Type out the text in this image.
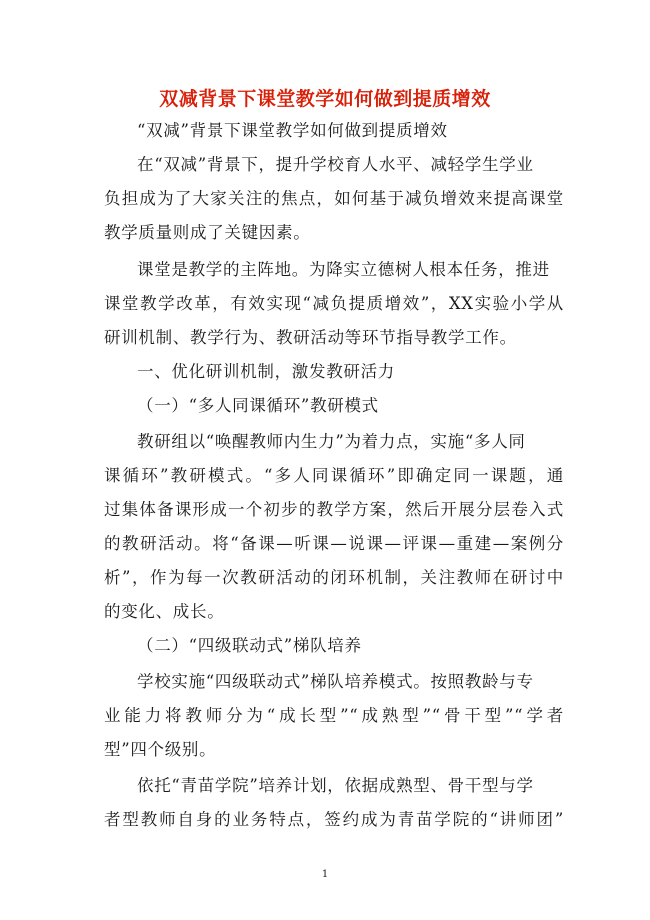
双减背景下课堂教学如何做到提质增效
“双减”背景下课堂教学如何做到提质增效
在“双减”背景下，提升学校育人水平、减轻学生学业
负担成为了大家关注的焦点，如何基于减负增效来提高课堂
教学质量则成了关键因素。
课堂是教学的主阵地。为降实立德树人根本任务，推进
课堂教学改革，有效实现“减负提质增效”，XX实验小学从
研训机制、教学行为、教研活动等环节指导教学工作。
一、优化研训机制，激发教研活力
（一）“多人同课循环”教研模式
教研组以“唤醒教师内生力”为着力点，实施“多人同
课循环”教研模式。“多人同课循环”即确定同一课题，通
过集体备课形成一个初步的教学方案，然后开展分层卷入式
的教研活动。将“备课—听课—说课—评课—重建—案例分
析”，作为每一次教研活动的闭环机制，关注教师在研讨中
的变化、成长。
（二）“四级联动式”梯队培养
学校实施“四级联动式”梯队培养模式。按照教龄与专
业能力将教师分为“成长型”“成熟型”“骨干型”“学者
型”四个级别。
依托“青苗学院”培养计划，依据成熟型、骨干型与学
者型教师自身的业务特点，签约成为青苗学院的“讲师团”
1
